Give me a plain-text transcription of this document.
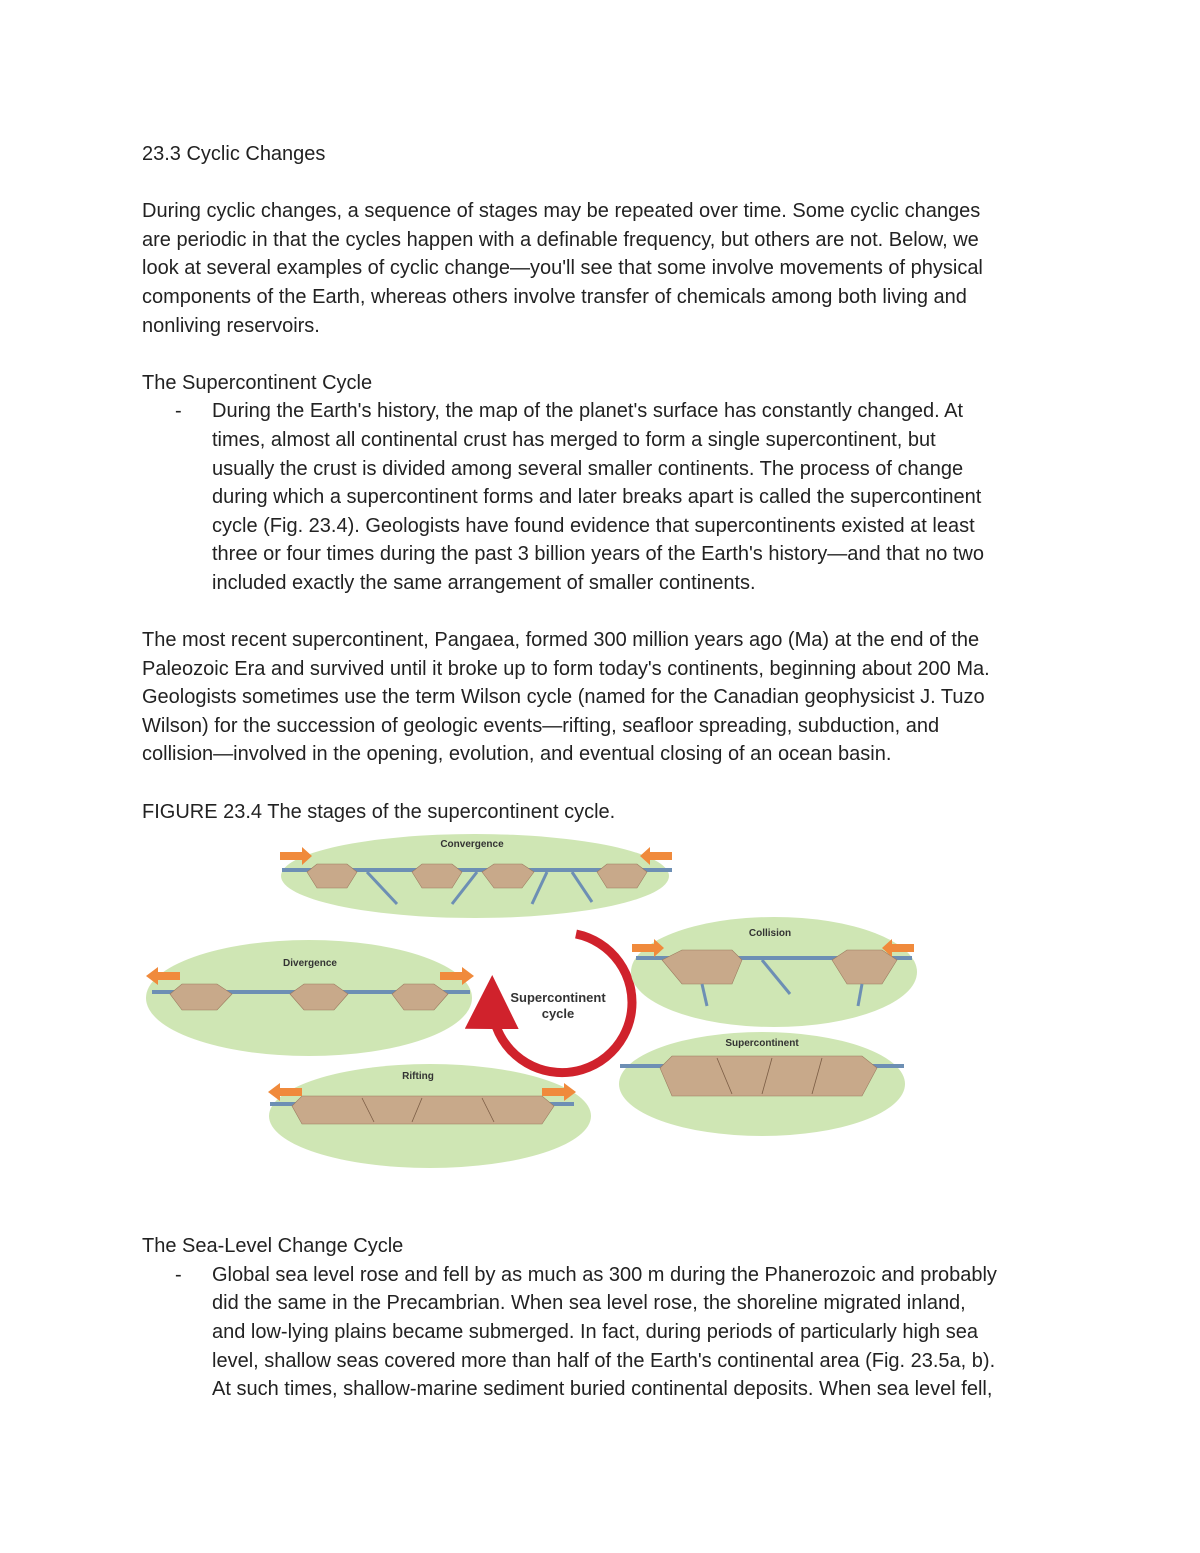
23.3 Cyclic Changes

During cyclic changes, a sequence of stages may be repeated over time. Some cyclic changes
are periodic in that the cycles happen with a definable frequency, but others are not. Below, we
look at several examples of cyclic change—you'll see that some involve movements of physical
components of the Earth, whereas others involve transfer of chemicals among both living and
nonliving reservoirs.

The Supercontinent Cycle

- During the Earth's history, the map of the planet's surface has constantly changed. At
times, almost all continental crust has merged to form a single supercontinent, but
usually the crust is divided among several smaller continents. The process of change
during which a supercontinent forms and later breaks apart is called the supercontinent
cycle (Fig. 23.4). Geologists have found evidence that supercontinents existed at least
three or four times during the past 3 billion years of the Earth's history—and that no two
included exactly the same arrangement of smaller continents.
The most recent supercontinent, Pangaea, formed 300 million years ago (Ma) at the end of the
Paleozoic Era and survived until it broke up to form today's continents, beginning about 200 Ma.
Geologists sometimes use the term Wilson cycle (named for the Canadian geophysicist J. Tuzo
Wilson) for the succession of geologic events—rifting, seafloor spreading, subduction, and
collision—involved in the opening, evolution, and eventual closing of an ocean basin.

FIGURE 23.4 The stages of the supercontinent cycle.

Convergence
Divergence
Supercontinent
cycle
Collision
Supercontinent
Rifting

The Sea-Level Change Cycle

- Global sea level rose and fell by as much as 300 m during the Phanerozoic and probably
did the same in the Precambrian. When sea level rose, the shoreline migrated inland,
and low-lying plains became submerged. In fact, during periods of particularly high sea
level, shallow seas covered more than half of the Earth's continental area (Fig. 23.5a, b).
At such times, shallow-marine sediment buried continental deposits. When sea level fell,
